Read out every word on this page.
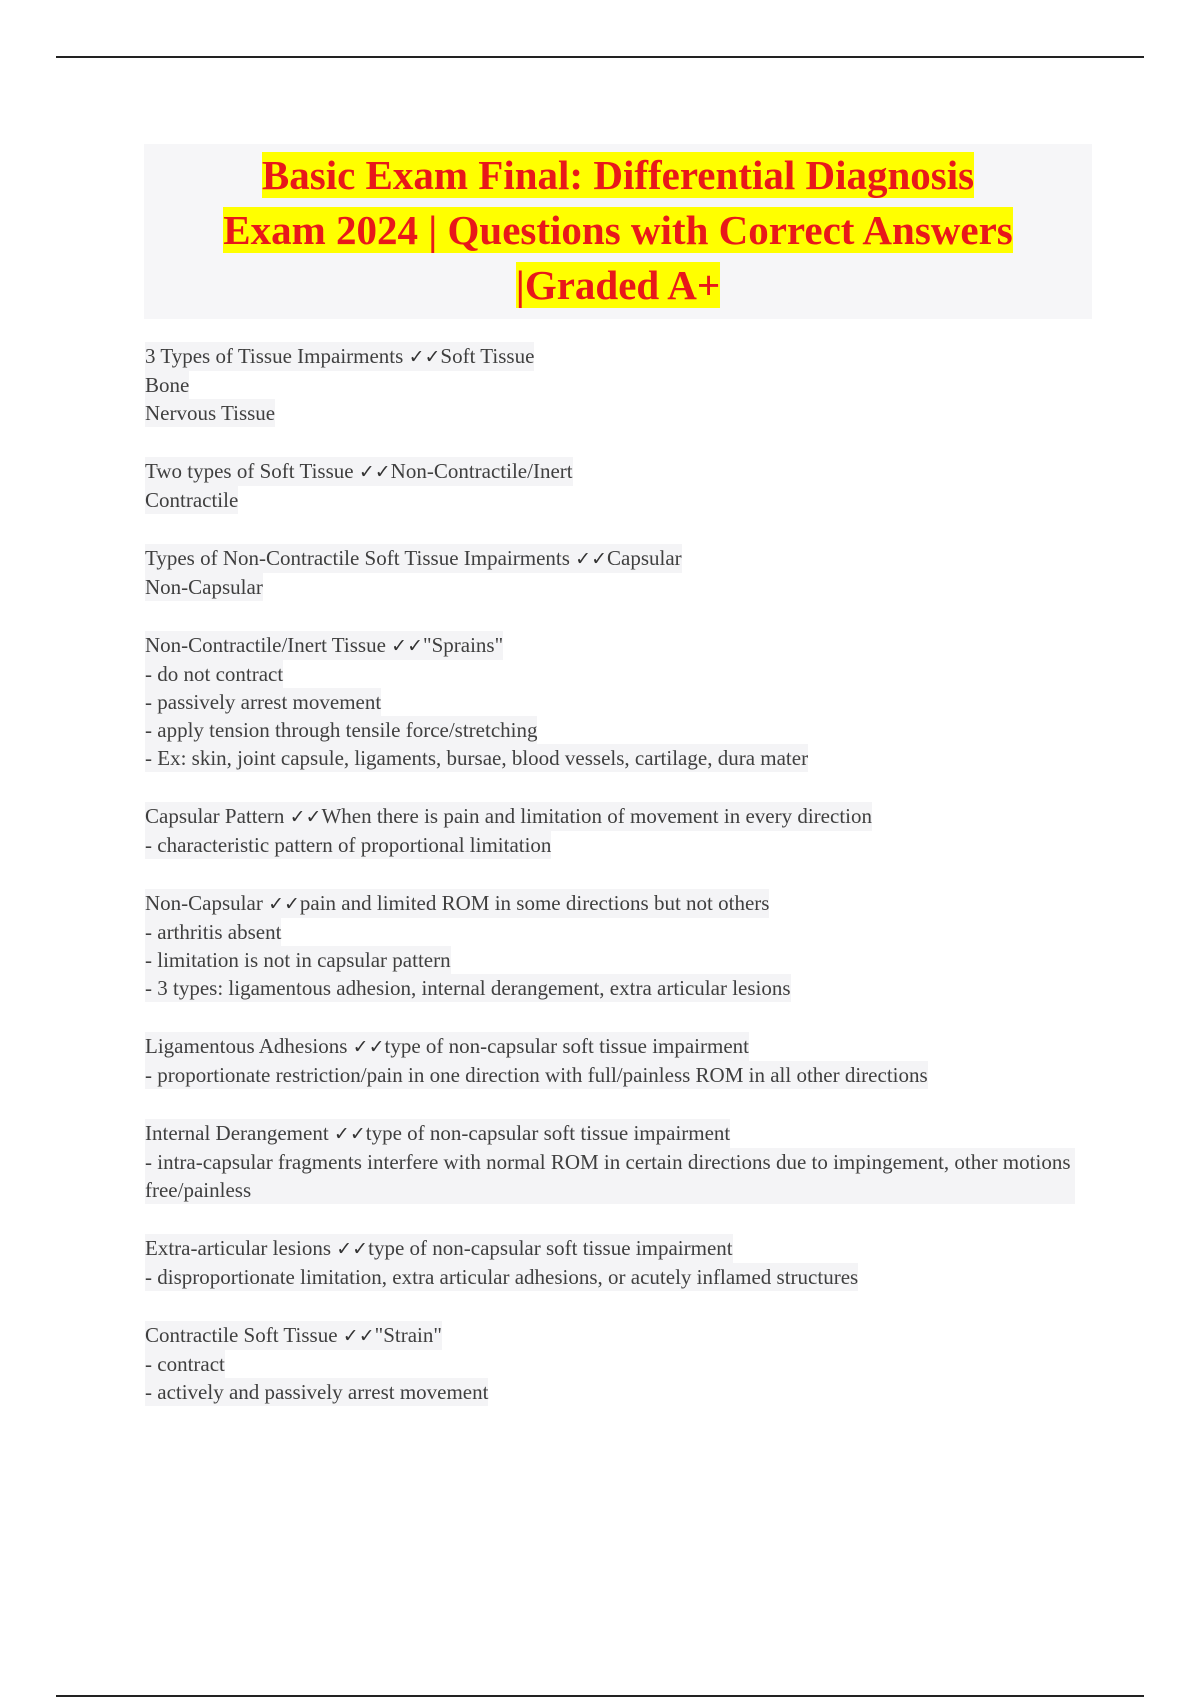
Basic Exam Final: Differential Diagnosis
Exam 2024 | Questions with Correct Answers
|Graded A+
3 Types of Tissue Impairments ✓✓Soft Tissue
Bone
Nervous Tissue
Two types of Soft Tissue ✓✓Non-Contractile/Inert
Contractile
Types of Non-Contractile Soft Tissue Impairments ✓✓Capsular
Non-Capsular
Non-Contractile/Inert Tissue ✓✓"Sprains"
- do not contract
- passively arrest movement
- apply tension through tensile force/stretching
- Ex: skin, joint capsule, ligaments, bursae, blood vessels, cartilage, dura mater
Capsular Pattern ✓✓When there is pain and limitation of movement in every direction
- characteristic pattern of proportional limitation
Non-Capsular ✓✓pain and limited ROM in some directions but not others
- arthritis absent
- limitation is not in capsular pattern
- 3 types: ligamentous adhesion, internal derangement, extra articular lesions
Ligamentous Adhesions ✓✓type of non-capsular soft tissue impairment
- proportionate restriction/pain in one direction with full/painless ROM in all other directions
Internal Derangement ✓✓type of non-capsular soft tissue impairment
- intra-capsular fragments interfere with normal ROM in certain directions due to impingement, other motions free/painless
Extra-articular lesions ✓✓type of non-capsular soft tissue impairment
- disproportionate limitation, extra articular adhesions, or acutely inflamed structures
Contractile Soft Tissue ✓✓"Strain"
- contract
- actively and passively arrest movement
